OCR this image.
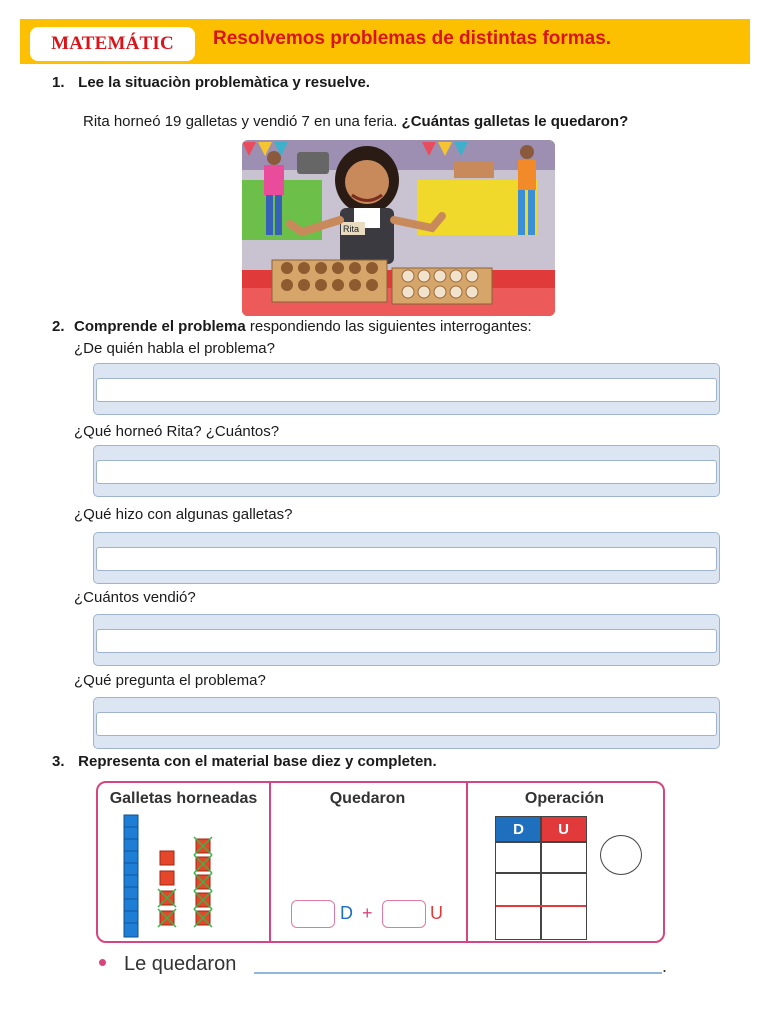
MATEMÁTIC	Resolvemos problemas de distintas formas.
1. Lee la situaciòn problemàtica y resuelve.
Rita horneó 19 galletas y vendió 7 en una feria. ¿Cuántas galletas le quedaron?
Rita
2. Comprende el problema respondiendo las siguientes interrogantes:
¿De quién habla el problema?
¿Qué horneó Rita? ¿Cuántos?
¿Qué hizo con algunas galletas?
¿Cuántos vendió?
¿Qué pregunta el problema?
3. Representa con el material base diez y completen.
Galletas horneadas	Quedaron	Operación
D +	U
D	U
Le quedaron	.
